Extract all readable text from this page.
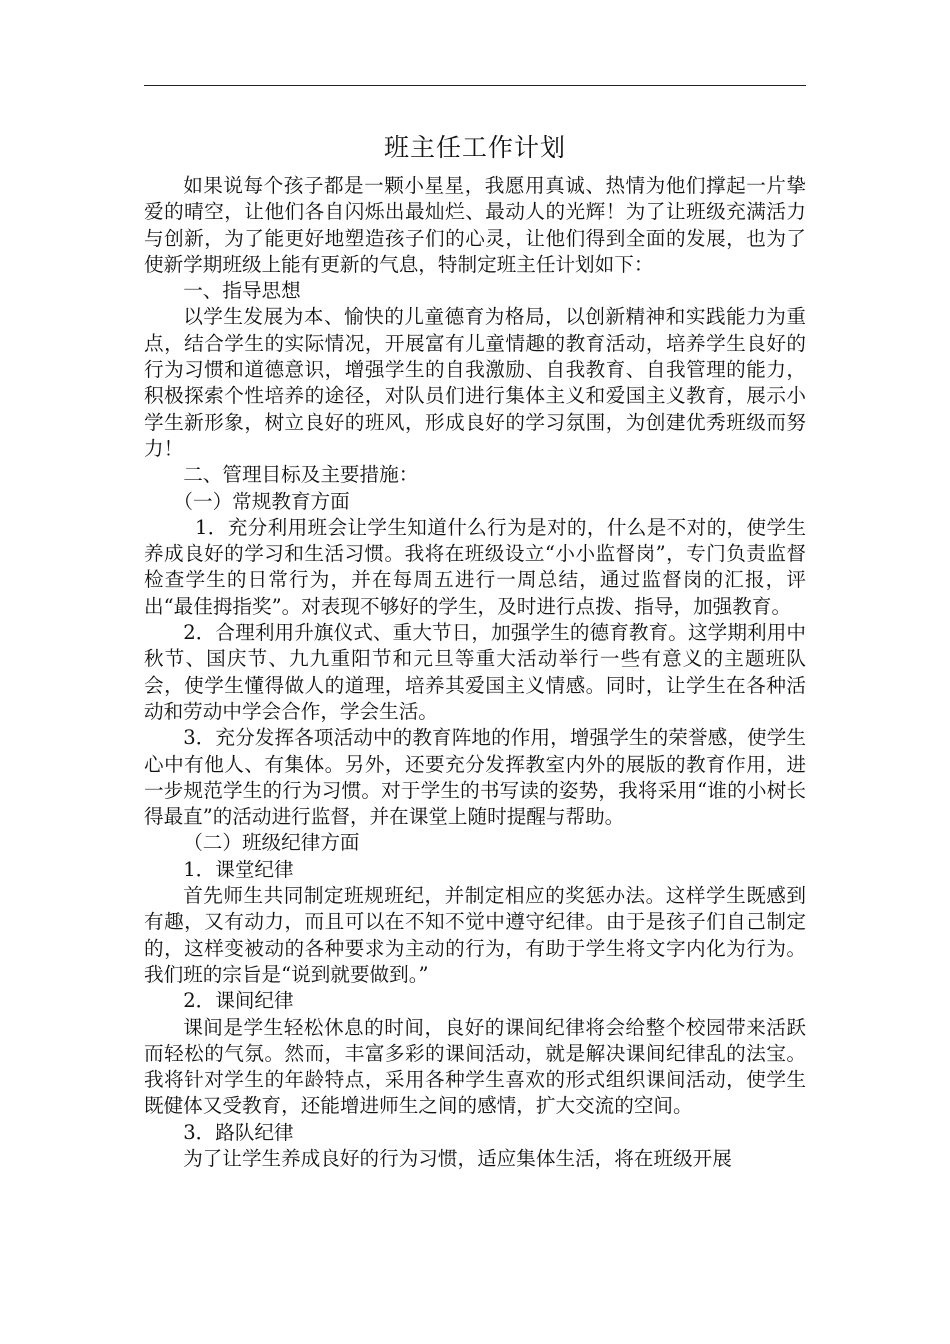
班主任工作计划

如果说每个孩子都是一颗小星星，我愿用真诚、热情为他们撑起一片挚爱的晴空，让他们各自闪烁出最灿烂、最动人的光辉！为了让班级充满活力与创新，为了能更好地塑造孩子们的心灵，让他们得到全面的发展，也为了使新学期班级上能有更新的气息，特制定班主任计划如下：

一、指导思想

以学生发展为本、愉快的儿童德育为格局，以创新精神和实践能力为重点，结合学生的实际情况，开展富有儿童情趣的教育活动，培养学生良好的行为习惯和道德意识，增强学生的自我激励、自我教育、自我管理的能力，积极探索个性培养的途径，对队员们进行集体主义和爱国主义教育，展示小学生新形象，树立良好的班风，形成良好的学习氛围，为创建优秀班级而努力！

二、管理目标及主要措施：

（一）常规教育方面

1．充分利用班会让学生知道什么行为是对的，什么是不对的，使学生养成良好的学习和生活习惯。我将在班级设立“小小监督岗”，专门负责监督检查学生的日常行为，并在每周五进行一周总结，通过监督岗的汇报，评出“最佳拇指奖”。对表现不够好的学生，及时进行点拨、指导，加强教育。

2．合理利用升旗仪式、重大节日，加强学生的德育教育。这学期利用中秋节、国庆节、九九重阳节和元旦等重大活动举行一些有意义的主题班队会，使学生懂得做人的道理，培养其爱国主义情感。同时，让学生在各种活动和劳动中学会合作，学会生活。

3．充分发挥各项活动中的教育阵地的作用，增强学生的荣誉感，使学生心中有他人、有集体。另外，还要充分发挥教室内外的展版的教育作用，进一步规范学生的行为习惯。对于学生的书写读的姿势，我将采用“谁的小树长得最直”的活动进行监督，并在课堂上随时提醒与帮助。

（二）班级纪律方面

1．课堂纪律

首先师生共同制定班规班纪，并制定相应的奖惩办法。这样学生既感到有趣，又有动力，而且可以在不知不觉中遵守纪律。由于是孩子们自己制定的，这样变被动的各种要求为主动的行为，有助于学生将文字内化为行为。我们班的宗旨是“说到就要做到。”

2．课间纪律

课间是学生轻松休息的时间，良好的课间纪律将会给整个校园带来活跃而轻松的气氛。然而，丰富多彩的课间活动，就是解决课间纪律乱的法宝。我将针对学生的年龄特点，采用各种学生喜欢的形式组织课间活动，使学生既健体又受教育，还能增进师生之间的感情，扩大交流的空间。

3．路队纪律

为了让学生养成良好的行为习惯，适应集体生活，将在班级开展
